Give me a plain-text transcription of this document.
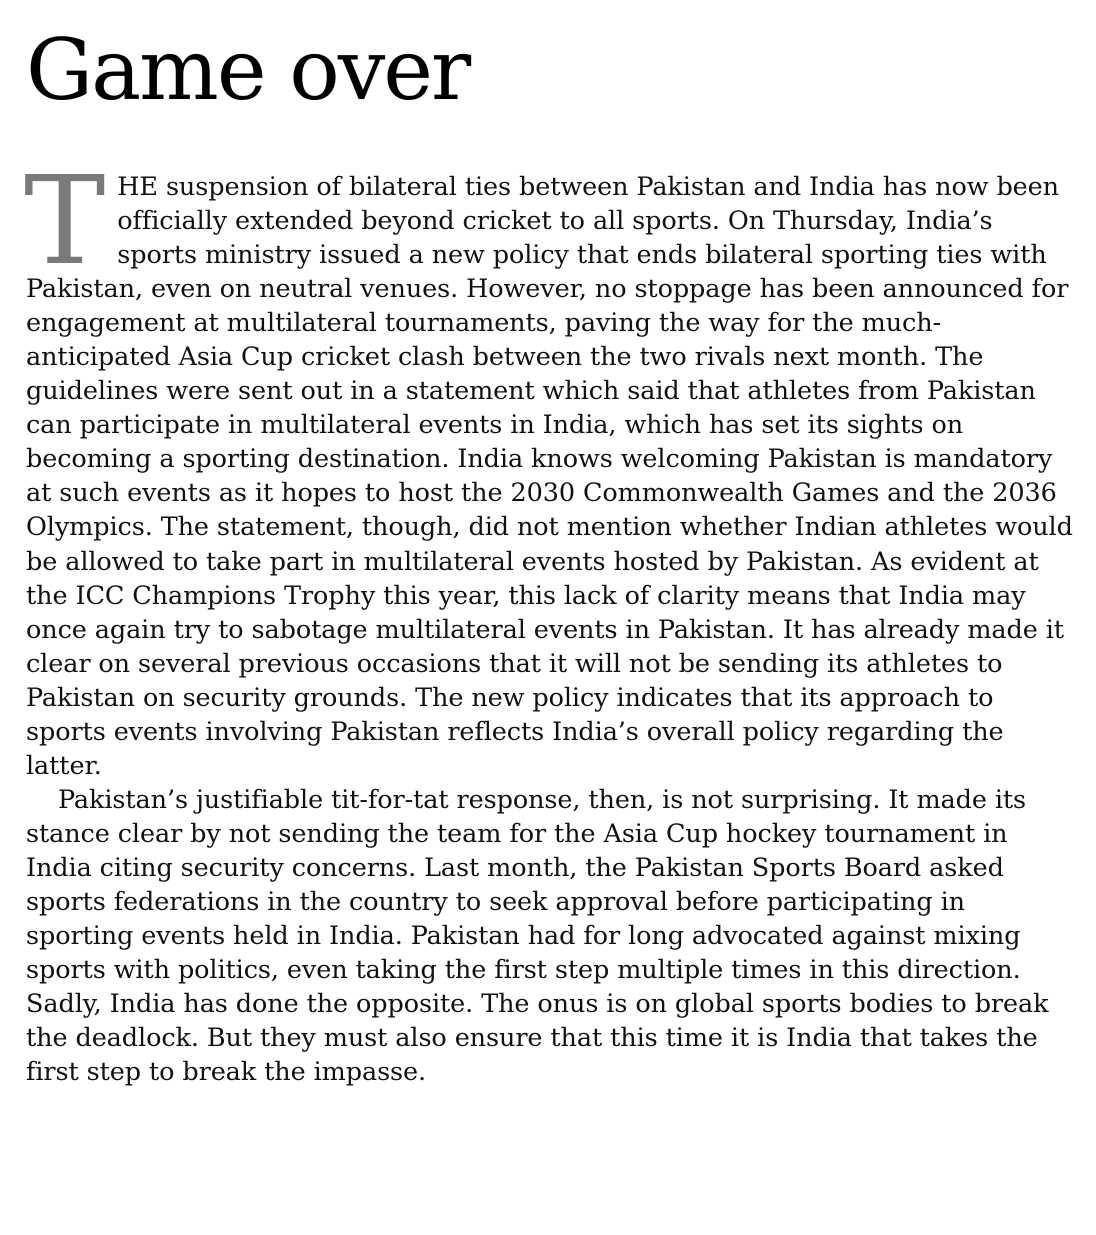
Game over

THE suspension of bilateral ties between Pakistan and India has now been officially extended beyond cricket to all sports. On Thursday, India’s sports ministry issued a new policy that ends bilateral sporting ties with Pakistan, even on neutral venues. However, no stoppage has been announced for engagement at multilateral tournaments, paving the way for the much-anticipated Asia Cup cricket clash between the two rivals next month. The guidelines were sent out in a statement which said that athletes from Pakistan can participate in multilateral events in India, which has set its sights on becoming a sporting destination. India knows welcoming Pakistan is mandatory at such events as it hopes to host the 2030 Commonwealth Games and the 2036 Olympics. The statement, though, did not mention whether Indian athletes would be allowed to take part in multilateral events hosted by Pakistan. As evident at the ICC Champions Trophy this year, this lack of clarity means that India may once again try to sabotage multilateral events in Pakistan. It has already made it clear on several previous occasions that it will not be sending its athletes to Pakistan on security grounds. The new policy indicates that its approach to sports events involving Pakistan reflects India’s overall policy regarding the latter.

Pakistan’s justifiable tit-for-tat response, then, is not surprising. It made its stance clear by not sending the team for the Asia Cup hockey tournament in India citing security concerns. Last month, the Pakistan Sports Board asked sports federations in the country to seek approval before participating in sporting events held in India. Pakistan had for long advocated against mixing sports with politics, even taking the first step multiple times in this direction. Sadly, India has done the opposite. The onus is on global sports bodies to break the deadlock. But they must also ensure that this time it is India that takes the first step to break the impasse.
